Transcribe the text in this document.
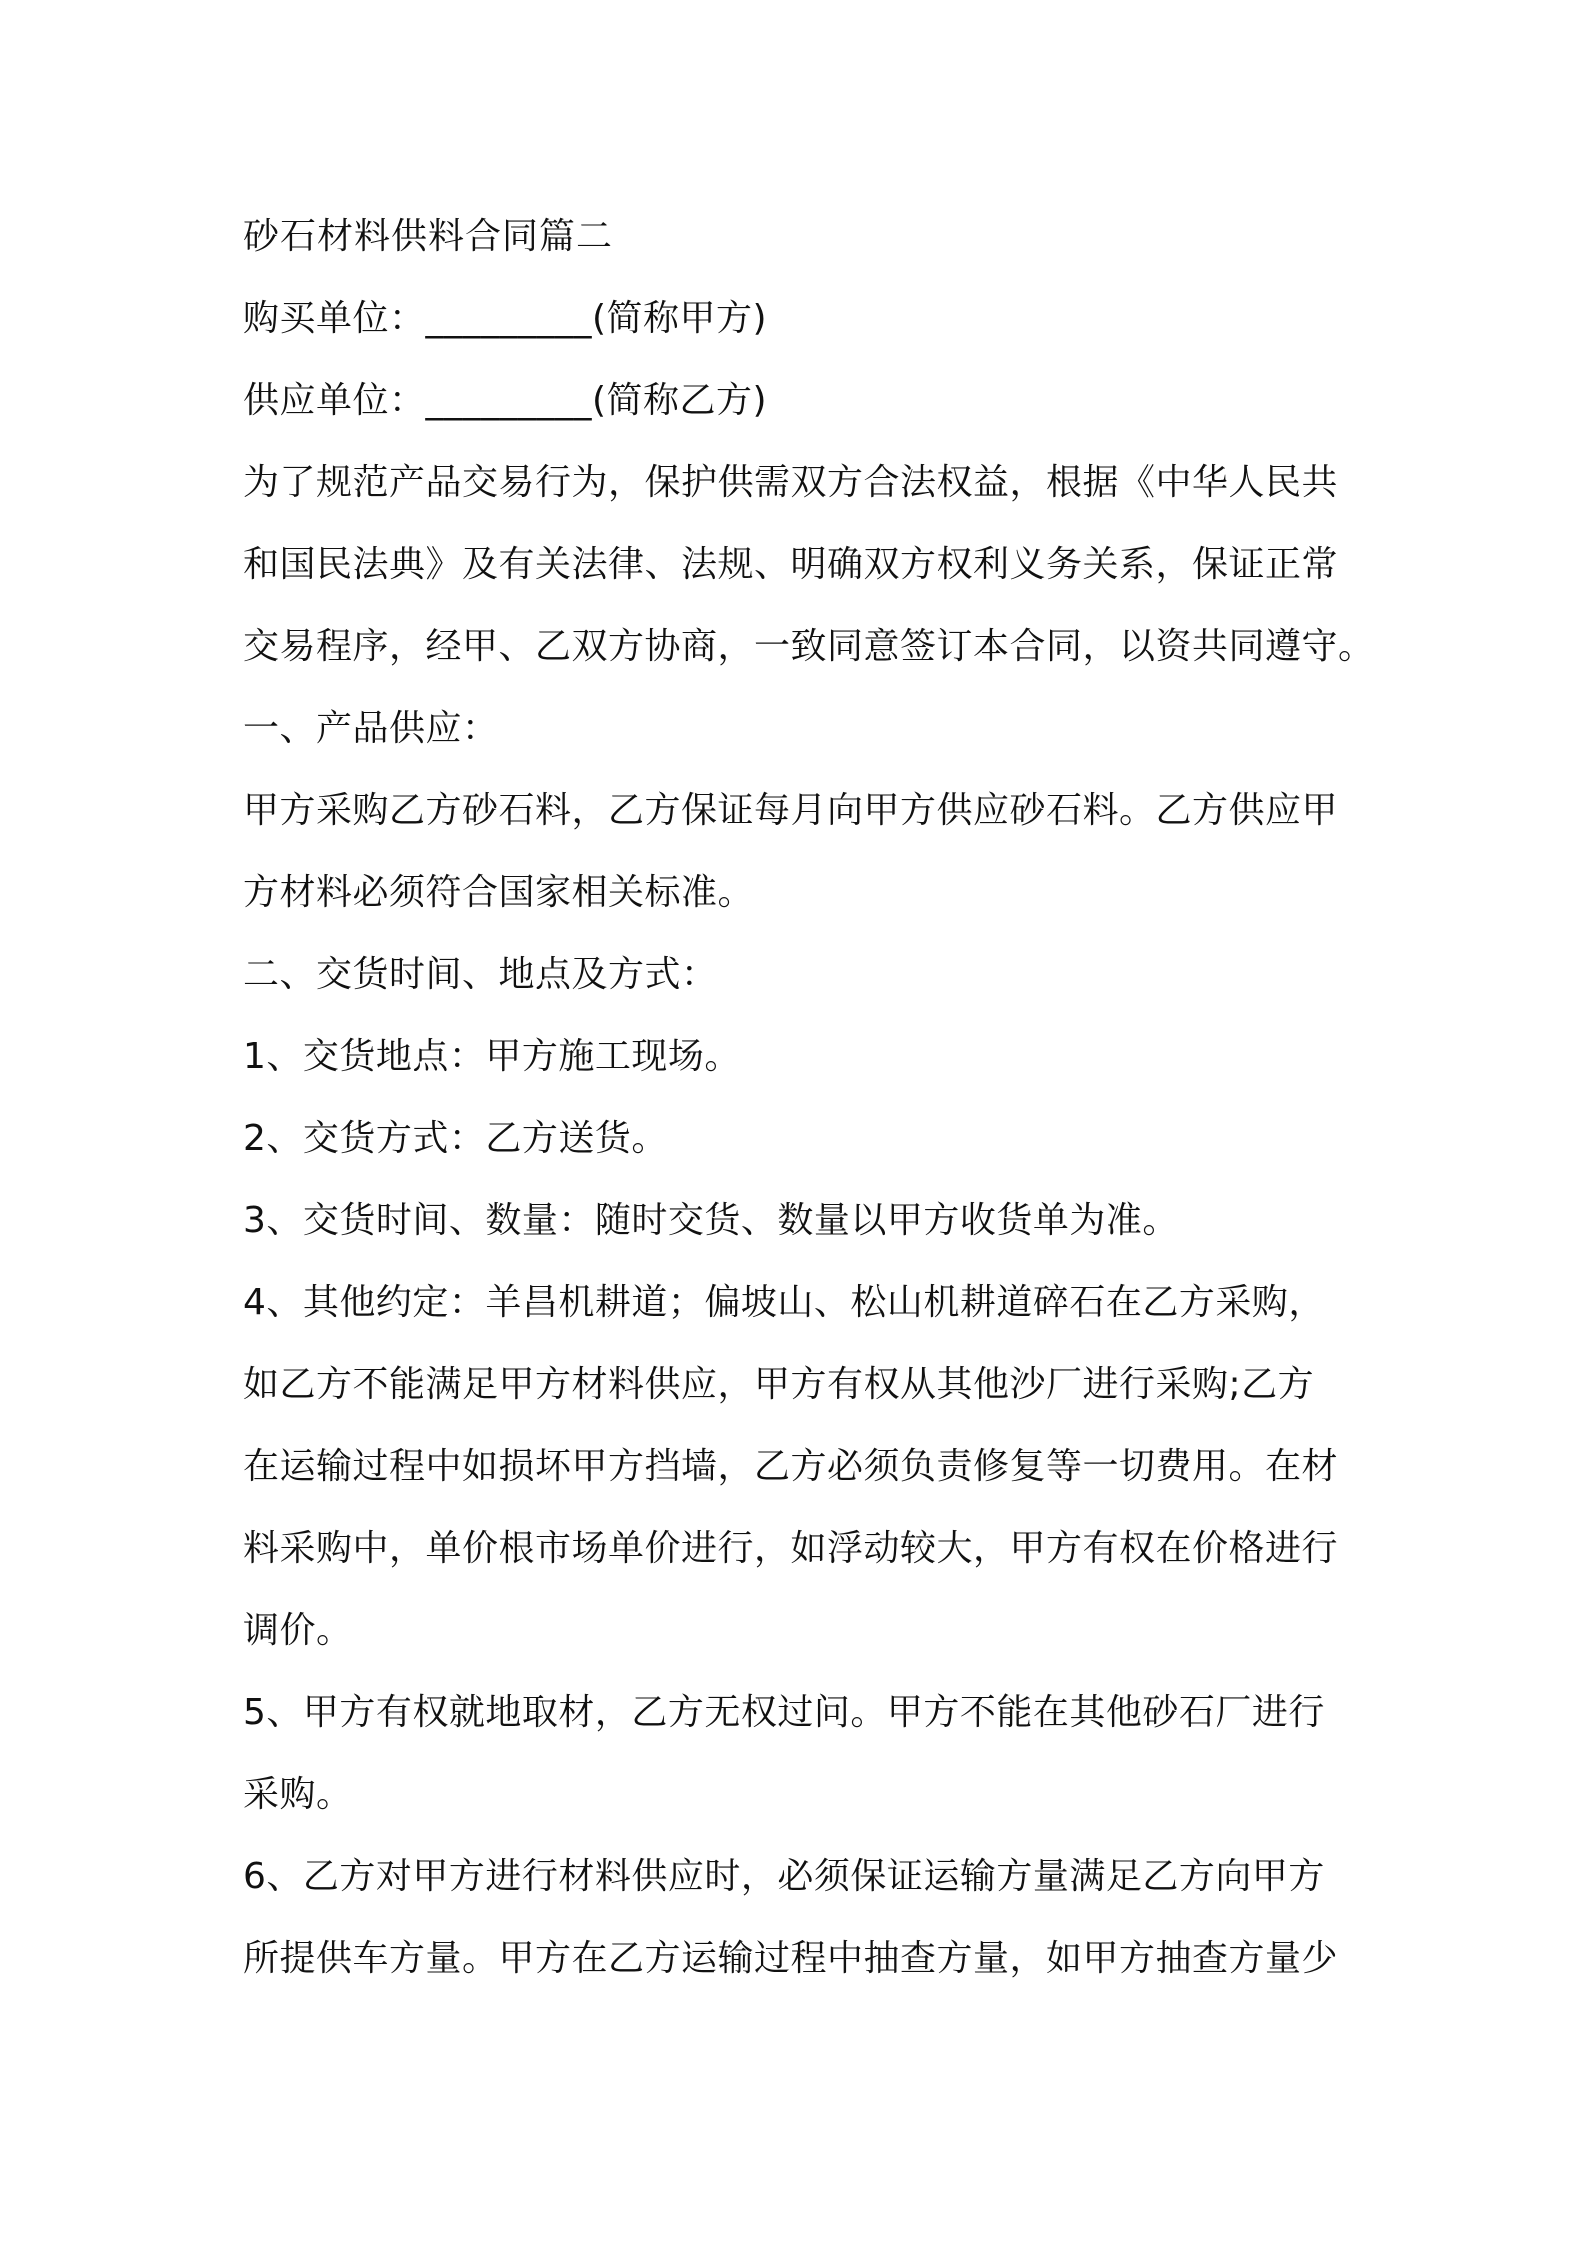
砂石材料供料合同篇二
购买单位：_________(简称甲方)
供应单位：_________(简称乙方)
为了规范产品交易行为，保护供需双方合法权益，根据《中华人民共
和国民法典》及有关法律、法规、明确双方权利义务关系，保证正常
交易程序，经甲、乙双方协商，一致同意签订本合同，以资共同遵守。
一、产品供应：
甲方采购乙方砂石料，乙方保证每月向甲方供应砂石料。乙方供应甲
方材料必须符合国家相关标准。
二、交货时间、地点及方式：
1、交货地点：甲方施工现场。
2、交货方式：乙方送货。
3、交货时间、数量：随时交货、数量以甲方收货单为准。
4、其他约定：羊昌机耕道；偏坡山、松山机耕道碎石在乙方采购，
如乙方不能满足甲方材料供应，甲方有权从其他沙厂进行采购;乙方
在运输过程中如损坏甲方挡墙，乙方必须负责修复等一切费用。在材
料采购中，单价根市场单价进行，如浮动较大，甲方有权在价格进行
调价。
5、甲方有权就地取材，乙方无权过问。甲方不能在其他砂石厂进行
采购。
6、乙方对甲方进行材料供应时，必须保证运输方量满足乙方向甲方
所提供车方量。甲方在乙方运输过程中抽查方量，如甲方抽查方量少
